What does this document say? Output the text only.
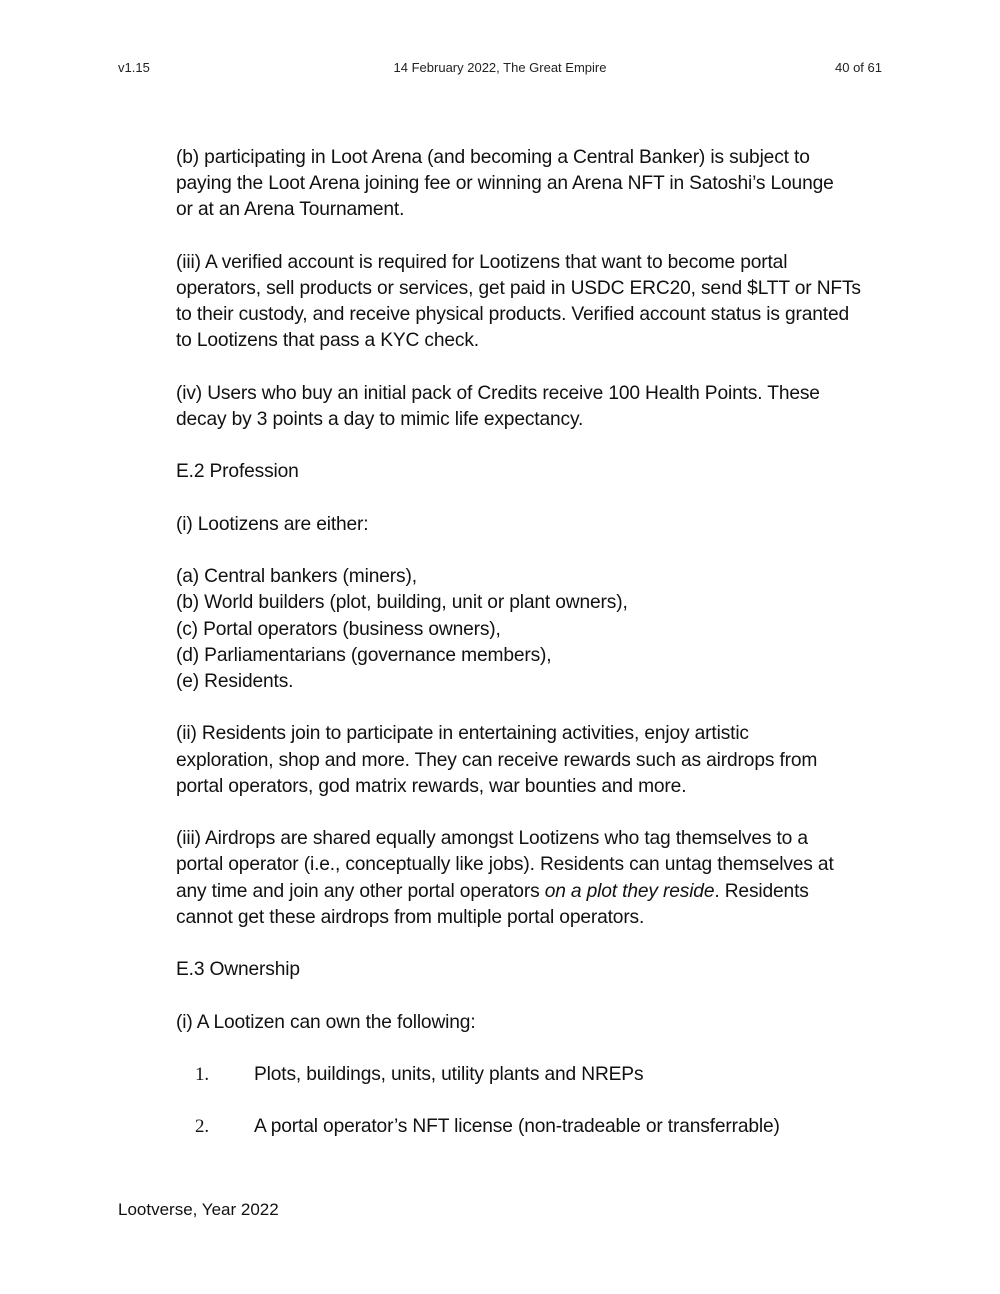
v1.15	14 February 2022, The Great Empire	40 of 61

(b) participating in Loot Arena (and becoming a Central Banker) is subject to
paying the Loot Arena joining fee or winning an Arena NFT in Satoshi’s Lounge
or at an Arena Tournament.

(iii) A verified account is required for Lootizens that want to become portal
operators, sell products or services, get paid in USDC ERC20, send $LTT or NFTs
to their custody, and receive physical products. Verified account status is granted
to Lootizens that pass a KYC check.

(iv) Users who buy an initial pack of Credits receive 100 Health Points. These
decay by 3 points a day to mimic life expectancy.

E.2 Profession

(i) Lootizens are either:

(a) Central bankers (miners),
(b) World builders (plot, building, unit or plant owners),
(c) Portal operators (business owners),
(d) Parliamentarians (governance members),
(e) Residents.

(ii) Residents join to participate in entertaining activities, enjoy artistic
exploration, shop and more. They can receive rewards such as airdrops from
portal operators, god matrix rewards, war bounties and more.

(iii) Airdrops are shared equally amongst Lootizens who tag themselves to a
portal operator (i.e., conceptually like jobs). Residents can untag themselves at
any time and join any other portal operators on a plot they reside. Residents
cannot get these airdrops from multiple portal operators.

E.3 Ownership

(i) A Lootizen can own the following:

1.	Plots, buildings, units, utility plants and NREPs
2.	A portal operator’s NFT license (non-tradeable or transferrable)
Lootverse, Year 2022
